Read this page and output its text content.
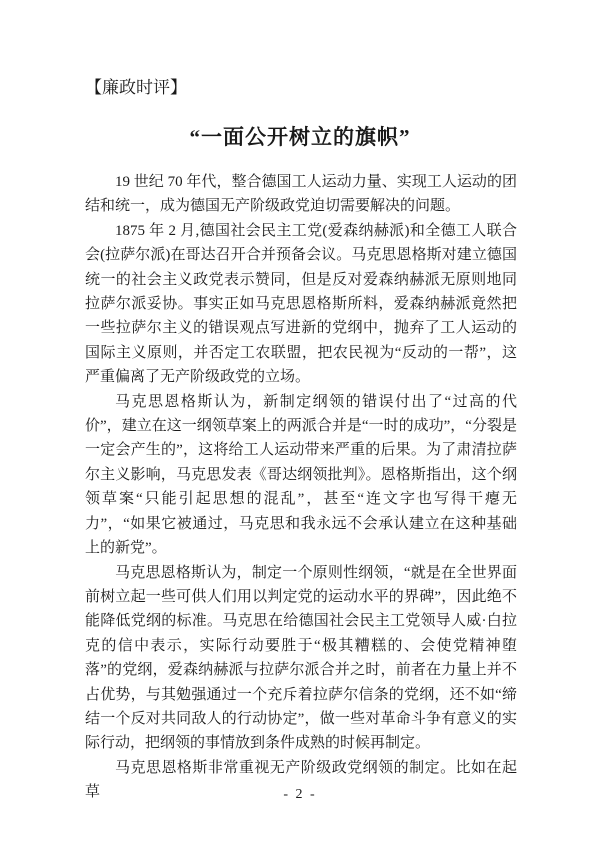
【廉政时评】
“一面公开树立的旗帜”

19 世纪 70 年代，整合德国工人运动力量、实现工人运动的团结和统一，成为德国无产阶级政党迫切需要解决的问题。

1875 年 2 月,德国社会民主工党(爱森纳赫派)和全德工人联合会(拉萨尔派)在哥达召开合并预备会议。马克思恩格斯对建立德国统一的社会主义政党表示赞同，但是反对爱森纳赫派无原则地同拉萨尔派妥协。事实正如马克思恩格斯所料，爱森纳赫派竟然把一些拉萨尔主义的错误观点写进新的党纲中，抛弃了工人运动的国际主义原则，并否定工农联盟，把农民视为“反动的一帮”，这严重偏离了无产阶级政党的立场。

马克思恩格斯认为，新制定纲领的错误付出了“过高的代价”，建立在这一纲领草案上的两派合并是“一时的成功”，“分裂是一定会产生的”，这将给工人运动带来严重的后果。为了肃清拉萨尔主义影响，马克思发表《哥达纲领批判》。恩格斯指出，这个纲领草案“只能引起思想的混乱”，甚至“连文字也写得干瘪无力”，“如果它被通过，马克思和我永远不会承认建立在这种基础上的新党”。

马克思恩格斯认为，制定一个原则性纲领，“就是在全世界面前树立起一些可供人们用以判定党的运动水平的界碑”，因此绝不能降低党纲的标准。马克思在给德国社会民主工党领导人威·白拉克的信中表示，实际行动要胜于“极其糟糕的、会使党精神堕落”的党纲，爱森纳赫派与拉萨尔派合并之时，前者在力量上并不占优势，与其勉强通过一个充斥着拉萨尔信条的党纲，还不如“缔结一个反对共同敌人的行动协定”，做一些对革命斗争有意义的实际行动，把纲领的事情放到条件成熟的时候再制定。

马克思恩格斯非常重视无产阶级政党纲领的制定。比如在起草	- 2 -
